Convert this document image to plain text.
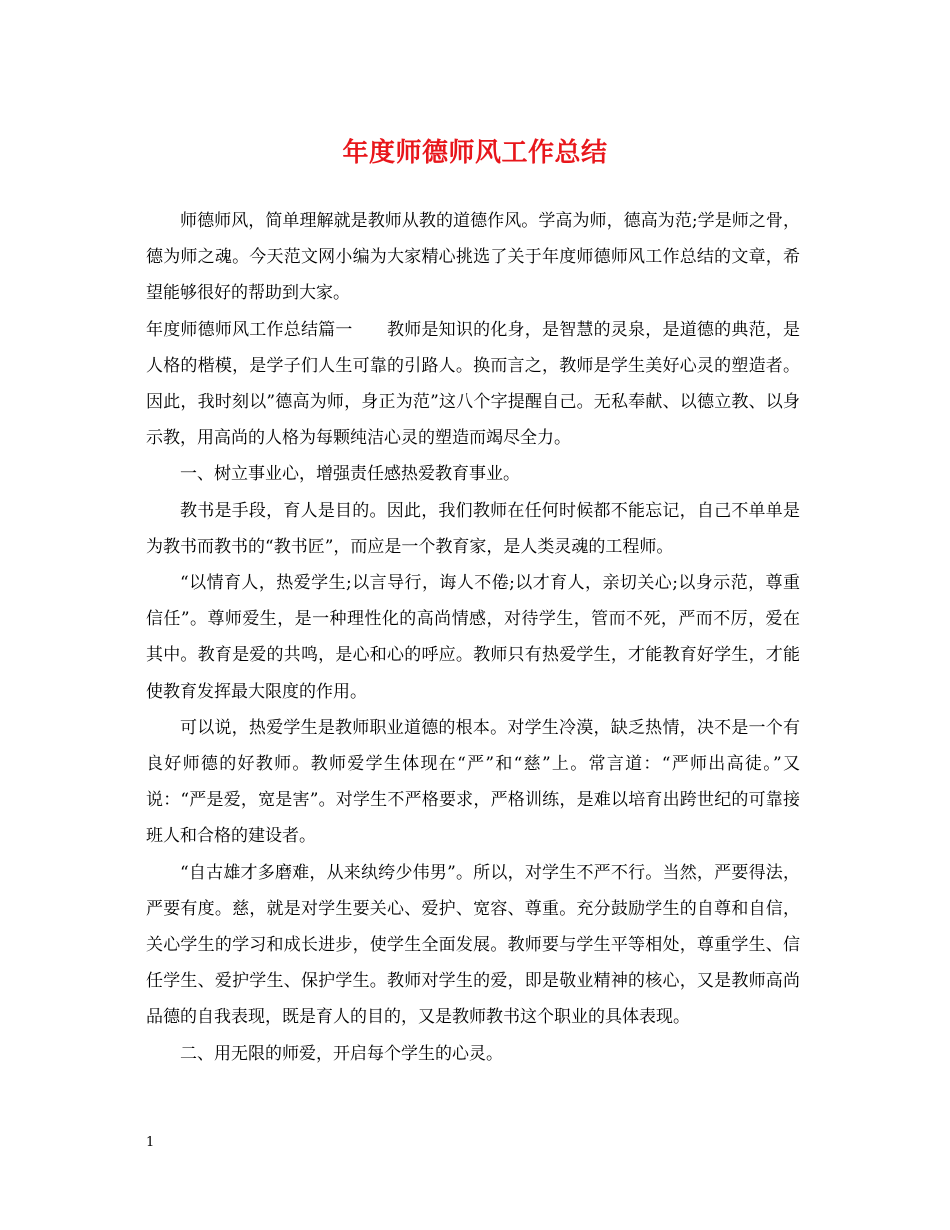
年度师德师风工作总结

师德师风，简单理解就是教师从教的道德作风。学高为师，德高为范;学是师之骨，德为师之魂。今天范文网小编为大家精心挑选了关于年度师德师风工作总结的文章，希望能够很好的帮助到大家。

年度师德师风工作总结篇一　　教师是知识的化身，是智慧的灵泉，是道德的典范，是人格的楷模，是学子们人生可靠的引路人。换而言之，教师是学生美好心灵的塑造者。因此，我时刻以”德高为师，身正为范”这八个字提醒自己。无私奉献、以德立教、以身示教，用高尚的人格为每颗纯洁心灵的塑造而竭尽全力。

一、树立事业心，增强责任感热爱教育事业。

教书是手段，育人是目的。因此，我们教师在任何时候都不能忘记，自己不单单是为教书而教书的“教书匠”，而应是一个教育家，是人类灵魂的工程师。

“以情育人，热爱学生;以言导行，诲人不倦;以才育人，亲切关心;以身示范，尊重信任”。尊师爱生，是一种理性化的高尚情感，对待学生，管而不死，严而不厉，爱在其中。教育是爱的共鸣，是心和心的呼应。教师只有热爱学生，才能教育好学生，才能使教育发挥最大限度的作用。

可以说，热爱学生是教师职业道德的根本。对学生冷漠，缺乏热情，决不是一个有良好师德的好教师。教师爱学生体现在“严”和“慈”上。常言道：“严师出高徒。”又说：“严是爱，宽是害”。对学生不严格要求，严格训练，是难以培育出跨世纪的可靠接班人和合格的建设者。

“自古雄才多磨难，从来纨绔少伟男”。所以，对学生不严不行。当然，严要得法，严要有度。慈，就是对学生要关心、爱护、宽容、尊重。充分鼓励学生的自尊和自信，关心学生的学习和成长进步，使学生全面发展。教师要与学生平等相处，尊重学生、信任学生、爱护学生、保护学生。教师对学生的爱，即是敬业精神的核心，又是教师高尚品德的自我表现，既是育人的目的，又是教师教书这个职业的具体表现。

二、用无限的师爱，开启每个学生的心灵。

1
